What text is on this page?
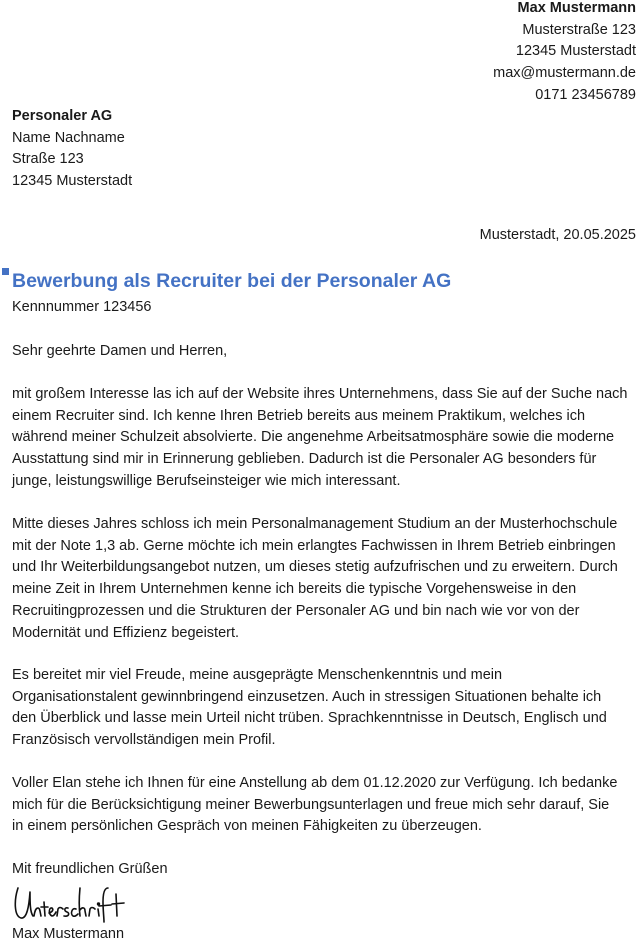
Max Mustermann
Musterstraße 123
12345 Musterstadt
max@mustermann.de
0171 23456789
Personaler AG
Name Nachname
Straße 123
12345 Musterstadt
Musterstadt, 20.05.2025
Bewerbung als Recruiter bei der Personaler AG
Kennnummer 123456
Sehr geehrte Damen und Herren,
mit großem Interesse las ich auf der Website ihres Unternehmens, dass Sie auf der Suche nach
einem Recruiter sind. Ich kenne Ihren Betrieb bereits aus meinem Praktikum, welches ich
während meiner Schulzeit absolvierte. Die angenehme Arbeitsatmosphäre sowie die moderne
Ausstattung sind mir in Erinnerung geblieben. Dadurch ist die Personaler AG besonders für
junge, leistungswillige Berufseinsteiger wie mich interessant.
Mitte dieses Jahres schloss ich mein Personalmanagement Studium an der Musterhochschule
mit der Note 1,3 ab. Gerne möchte ich mein erlangtes Fachwissen in Ihrem Betrieb einbringen
und Ihr Weiterbildungsangebot nutzen, um dieses stetig aufzufrischen und zu erweitern. Durch
meine Zeit in Ihrem Unternehmen kenne ich bereits die typische Vorgehensweise in den
Recruitingprozessen und die Strukturen der Personaler AG und bin nach wie vor von der
Modernität und Effizienz begeistert.
Es bereitet mir viel Freude, meine ausgeprägte Menschenkenntnis und mein
Organisationstalent gewinnbringend einzusetzen. Auch in stressigen Situationen behalte ich
den Überblick und lasse mein Urteil nicht trüben. Sprachkenntnisse in Deutsch, Englisch und
Französisch vervollständigen mein Profil.
Voller Elan stehe ich Ihnen für eine Anstellung ab dem 01.12.2020 zur Verfügung. Ich bedanke
mich für die Berücksichtigung meiner Bewerbungsunterlagen und freue mich sehr darauf, Sie
in einem persönlichen Gespräch von meinen Fähigkeiten zu überzeugen.
Mit freundlichen Grüßen
Unterschrift
Max Mustermann
